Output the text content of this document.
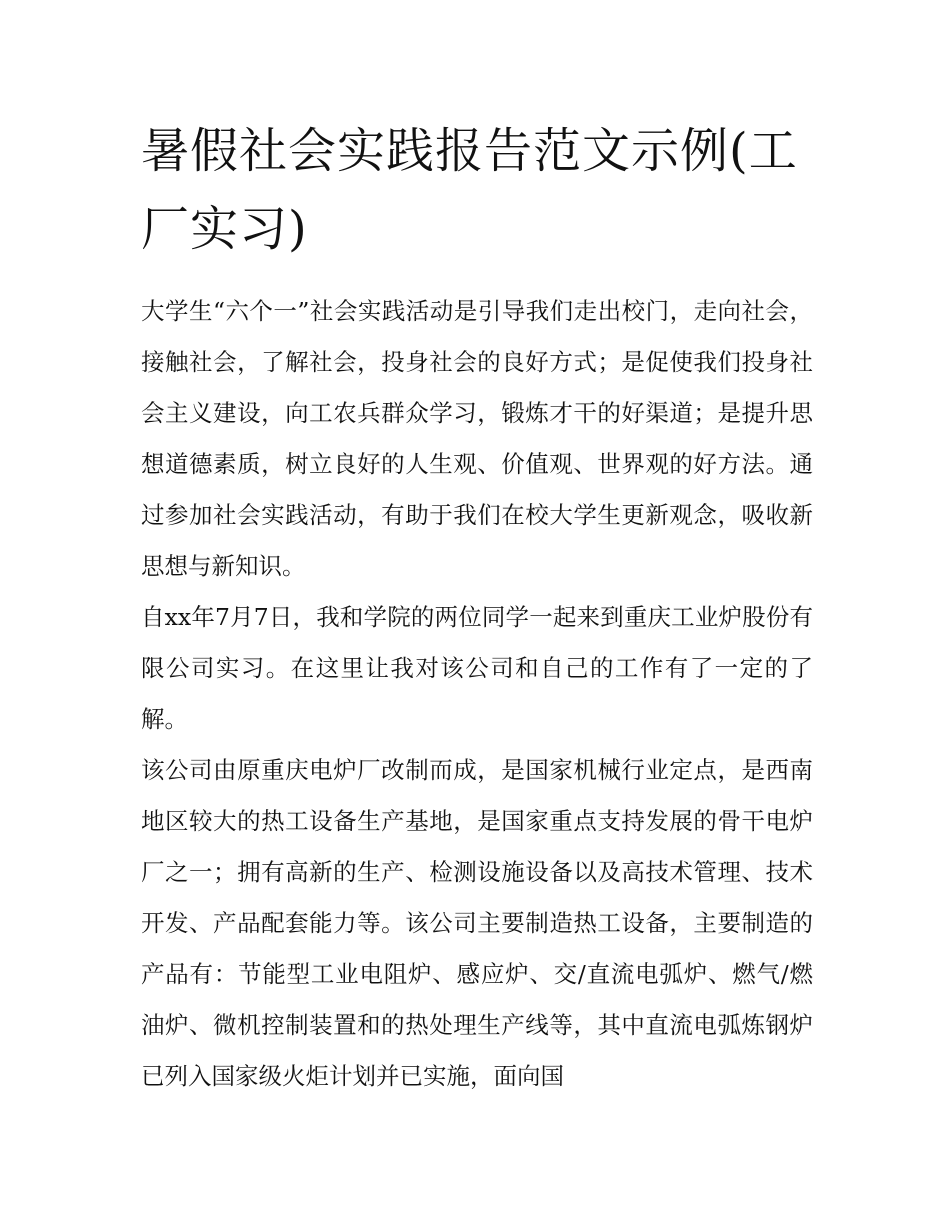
暑假社会实践报告范文示例(工厂实习)

大学生“六个一”社会实践活动是引导我们走出校门，走向社会，接触社会，了解社会，投身社会的良好方式；是促使我们投身社会主义建设，向工农兵群众学习，锻炼才干的好渠道；是提升思想道德素质，树立良好的人生观、价值观、世界观的好方法。通过参加社会实践活动，有助于我们在校大学生更新观念，吸收新思想与新知识。

自xx年7月7日，我和学院的两位同学一起来到重庆工业炉股份有限公司实习。在这里让我对该公司和自己的工作有了一定的了解。

该公司由原重庆电炉厂改制而成，是国家机械行业定点，是西南地区较大的热工设备生产基地，是国家重点支持发展的骨干电炉厂之一；拥有高新的生产、检测设施设备以及高技术管理、技术开发、产品配套能力等。该公司主要制造热工设备，主要制造的产品有：节能型工业电阻炉、感应炉、交/直流电弧炉、燃气/燃油炉、微机控制装置和的热处理生产线等，其中直流电弧炼钢炉已列入国家级火炬计划并已实施，面向国
